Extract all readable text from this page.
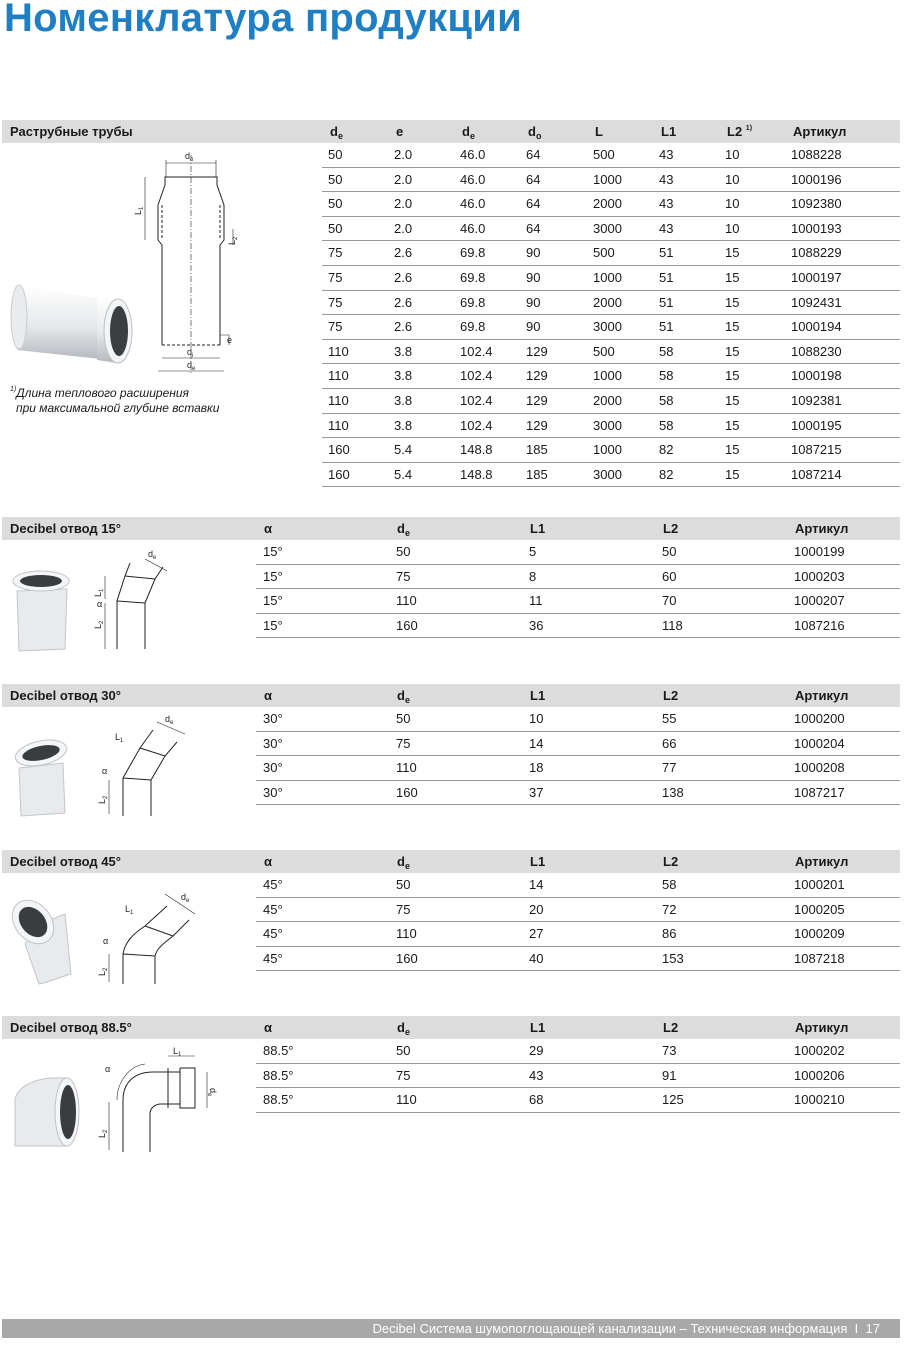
Номенклатура продукции
Раструбные трубы	$d_e$	e	$d_e$	$d_o$	L	L1	L2 $^{1)}$	Артикул
50	2.0	46.0	64	500	43	10	1088228
50	2.0	46.0	64	1000	43	10	1000196
50	2.0	46.0	64	2000	43	10	1092380
50	2.0	46.0	64	3000	43	10	1000193
75	2.6	69.8	90	500	51	15	1088229
75	2.6	69.8	90	1000	51	15	1000197
75	2.6	69.8	90	2000	51	15	1092431
75	2.6	69.8	90	3000	51	15	1000194
110	3.8	102.4	129	500	58	15	1088230
110	3.8	102.4	129	1000	58	15	1000198
110	3.8	102.4	129	2000	58	15	1092381
110	3.8	102.4	129	3000	58	15	1000195
160	5.4	148.8	185	1000	82	15	1087215
160	5.4	148.8	185	3000	82	15	1087214
$d_o$
$L_1$
$L_2$
$d_i$
$d_e$
e
$^{1)}$Длина теплового расширения
при максимальной глубине вставки
Decibel отвод 15°	α	$d_e$	L1	L2	Артикул
15°	50	5	50	1000199
15°	75	8	60	1000203
15°	110	11	70	1000207
15°	160	36	118	1087216
$d_e$
$L_1$
$L_2$
α
Decibel отвод 30°	α	$d_e$	L1	L2	Артикул
30°	50	10	55	1000200
30°	75	14	66	1000204
30°	110	18	77	1000208
30°	160	37	138	1087217
$d_e$
$L_1$
$L_2$
α
Decibel отвод 45°	α	$d_e$	L1	L2	Артикул
45°	50	14	58	1000201
45°	75	20	72	1000205
45°	110	27	86	1000209
45°	160	40	153	1087218
$d_e$
$L_1$
$L_2$
α
Decibel отвод 88.5°	α	$d_e$	L1	L2	Артикул
88.5°	50	29	73	1000202
88.5°	75	43	91	1000206
88.5°	110	68	125	1000210
$L_1$
$d_e$
$L_2$
α
Decibel Система шумопоглощающей канализации – Техническая информация I 17
